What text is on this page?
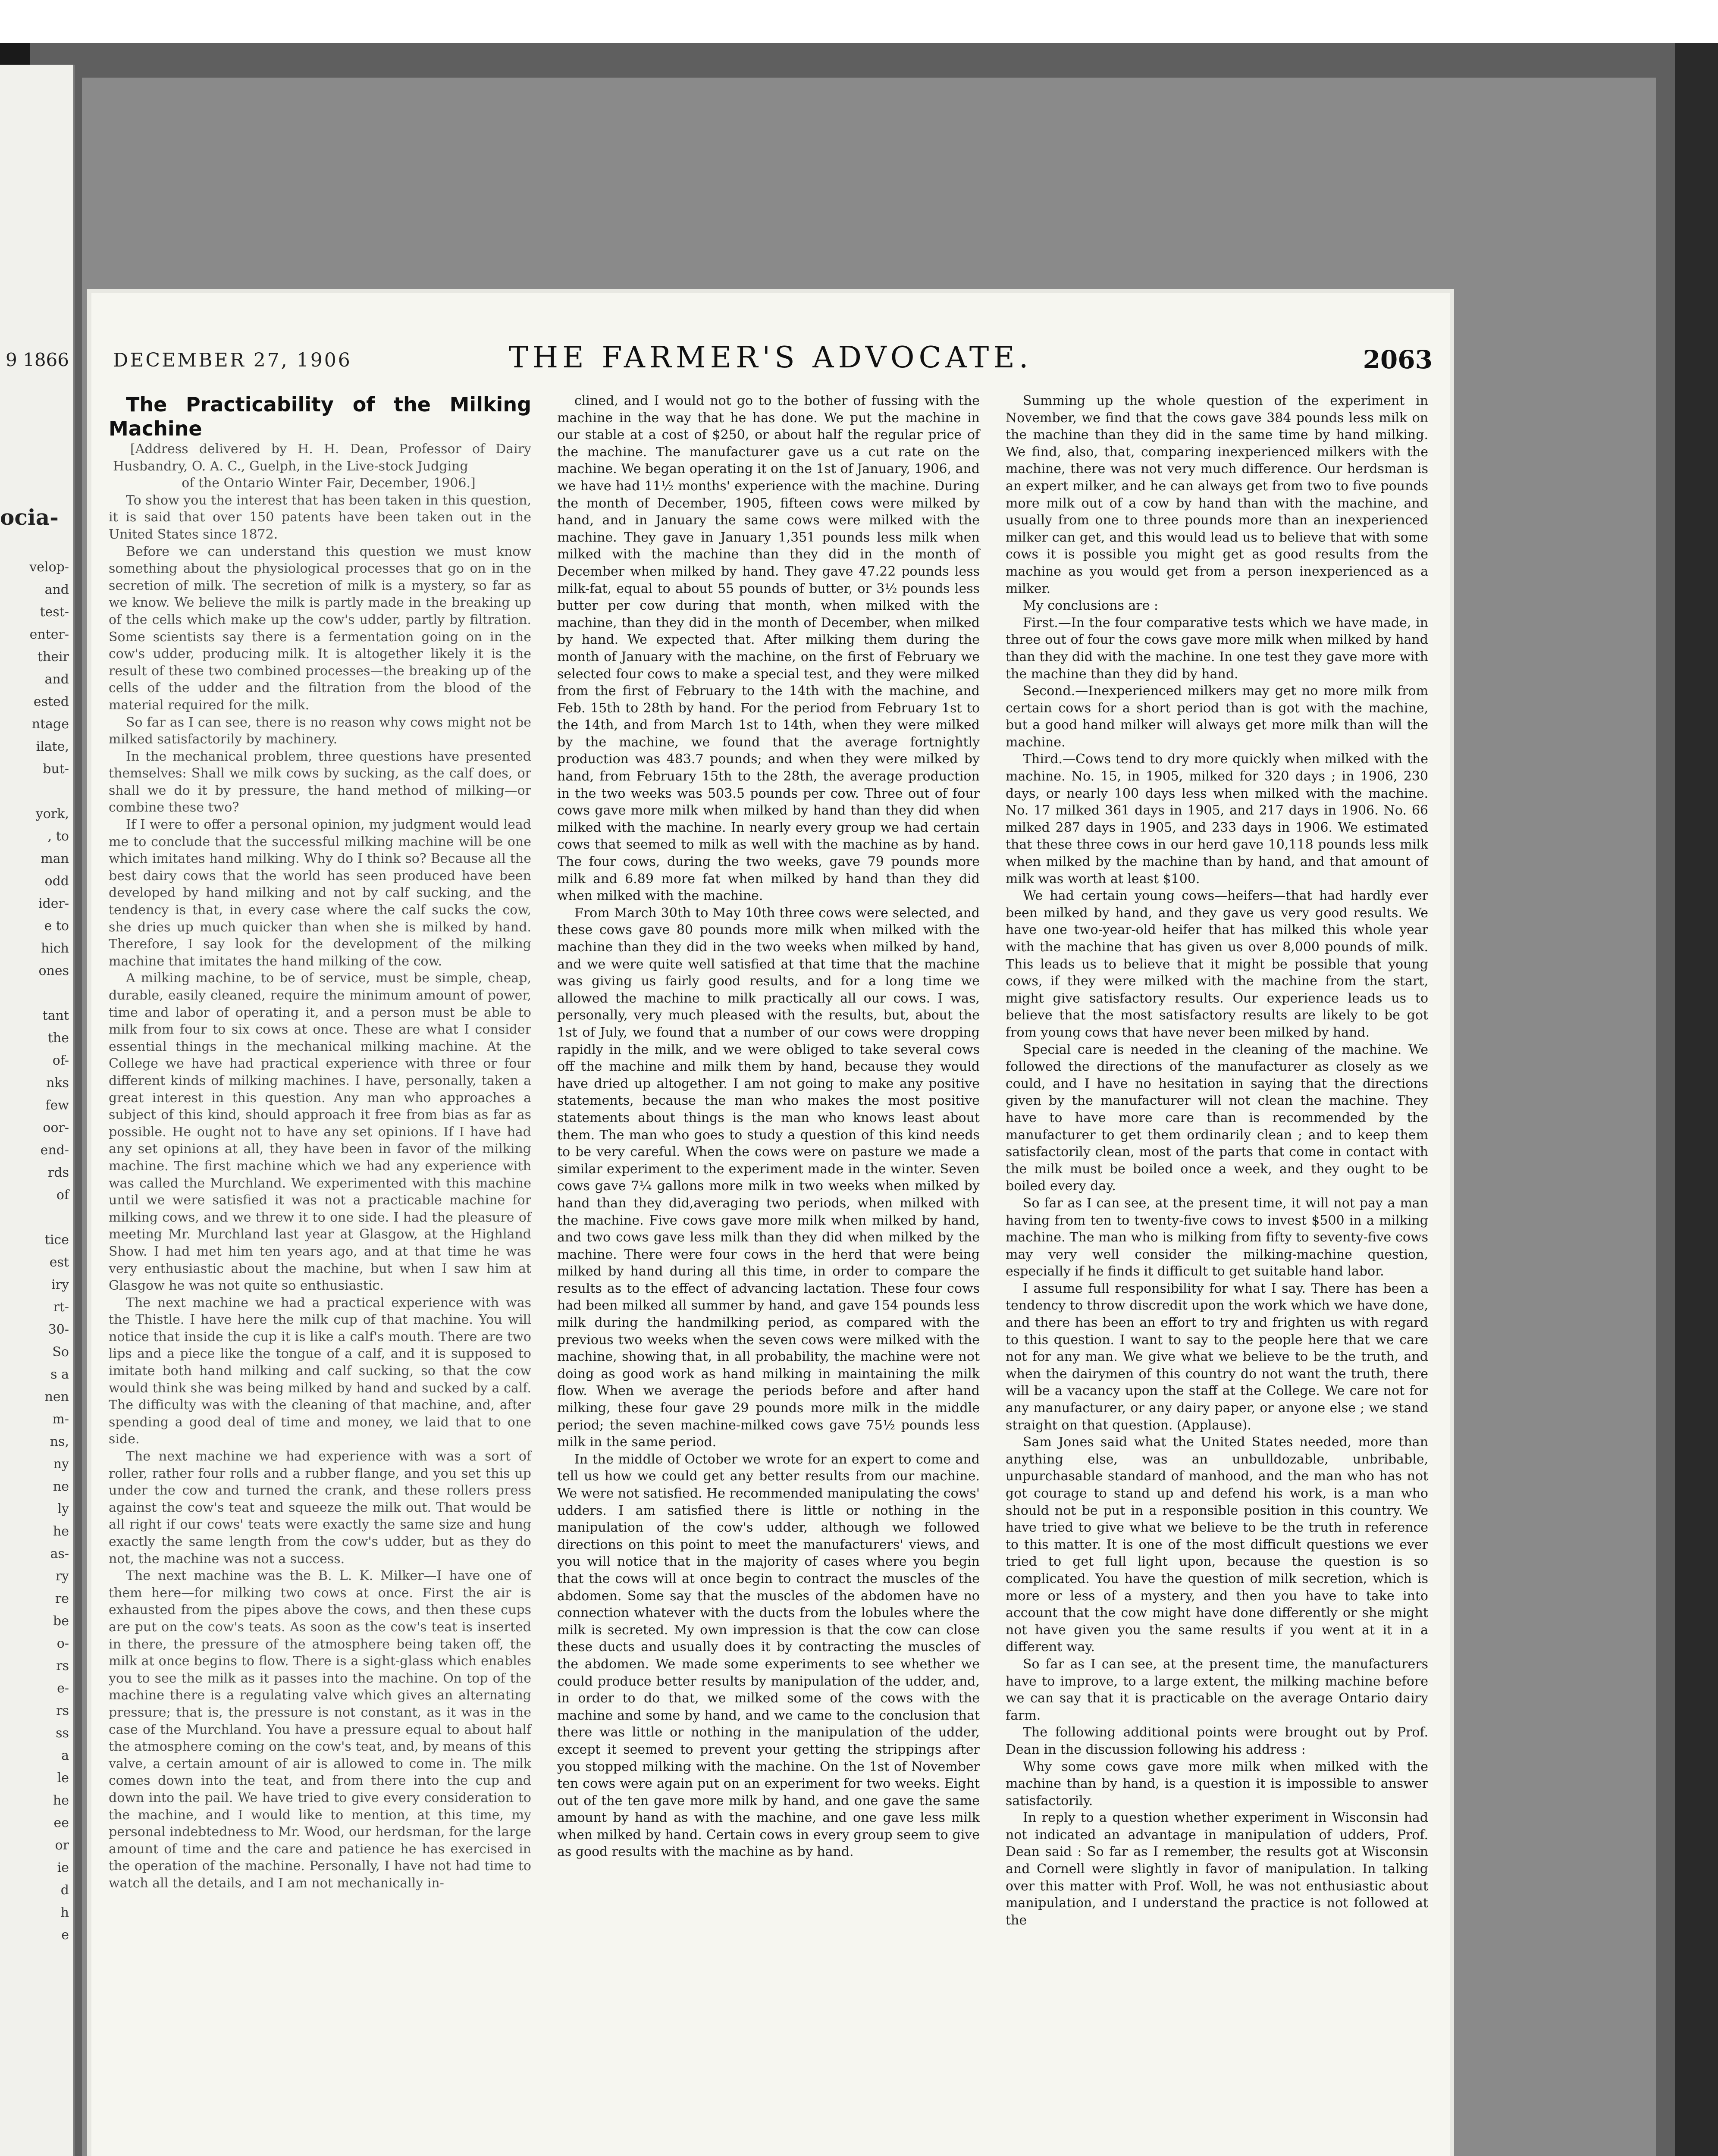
9 1866
ocia-
velop-
and
test-
enter-
their
and
ested
ntage
ilate,
but-
york,
, to
man
odd
ider-
e to
hich
ones
tant
the
of-
nks
few
oor-
end-
rds
of
tice
est
iry
rt-
30-
So
s a
nen
m-
ns,
ny
ne
ly
he
as-
ry
re
be
o-
rs
e-
rs
ss
a
le
he
ee
or
ie
d
h
e
DECEMBER 27, 1906	THE FARMER'S ADVOCATE.	2063

The Practicability of the Milking Machine

[Address delivered by H. H. Dean, Professor of Dairy Husbandry, O. A. C., Guelph, in the Live-stock Judging

of the Ontario Winter Fair, December, 1906.]

To show you the interest that has been taken in this question, it is said that over 150 patents have been taken out in the United States since 1872.

Before we can understand this question we must know something about the physiological processes that go on in the secretion of milk. The secretion of milk is a mystery, so far as we know. We believe the milk is partly made in the breaking up of the cells which make up the cow's udder, partly by filtration. Some scientists say there is a fermentation going on in the cow's udder, producing milk. It is altogether likely it is the result of these two combined processes—the breaking up of the cells of the udder and the filtration from the blood of the material required for the milk.

So far as I can see, there is no reason why cows might not be milked satisfactorily by machinery.

In the mechanical problem, three questions have presented themselves: Shall we milk cows by sucking, as the calf does, or shall we do it by pressure, the hand method of milking—or combine these two?

If I were to offer a personal opinion, my judgment would lead me to conclude that the successful milking machine will be one which imitates hand milking. Why do I think so? Because all the best dairy cows that the world has seen produced have been developed by hand milking and not by calf sucking, and the tendency is that, in every case where the calf sucks the cow, she dries up much quicker than when she is milked by hand. Therefore, I say look for the development of the milking machine that imitates the hand milking of the cow.

A milking machine, to be of service, must be simple, cheap, durable, easily cleaned, require the minimum amount of power, time and labor of operating it, and a person must be able to milk from four to six cows at once. These are what I consider essential things in the mechanical milking machine. At the College we have had practical experience with three or four different kinds of milking machines. I have, personally, taken a great interest in this question. Any man who approaches a subject of this kind, should approach it free from bias as far as possible. He ought not to have any set opinions. If I have had any set opinions at all, they have been in favor of the milking machine. The first machine which we had any experience with was called the Murchland. We experimented with this machine until we were satisfied it was not a practicable machine for milking cows, and we threw it to one side. I had the pleasure of meeting Mr. Murchland last year at Glasgow, at the Highland Show. I had met him ten years ago, and at that time he was very enthusiastic about the machine, but when I saw him at Glasgow he was not quite so enthusiastic.

The next machine we had a practical experience with was the Thistle. I have here the milk cup of that machine. You will notice that inside the cup it is like a calf's mouth. There are two lips and a piece like the tongue of a calf, and it is supposed to imitate both hand milking and calf sucking, so that the cow would think she was being milked by hand and sucked by a calf. The difficulty was with the cleaning of that machine, and, after spending a good deal of time and money, we laid that to one side.

The next machine we had experience with was a sort of roller, rather four rolls and a rubber flange, and you set this up under the cow and turned the crank, and these rollers press against the cow's teat and squeeze the milk out. That would be all right if our cows' teats were exactly the same size and hung exactly the same length from the cow's udder, but as they do not, the machine was not a success.

The next machine was the B. L. K. Milker—I have one of them here—for milking two cows at once. First the air is exhausted from the pipes above the cows, and then these cups are put on the cow's teats. As soon as the cow's teat is inserted in there, the pressure of the atmosphere being taken off, the milk at once begins to flow. There is a sight-glass which enables you to see the milk as it passes into the machine. On top of the machine there is a regulating valve which gives an alternating pressure; that is, the pressure is not constant, as it was in the case of the Murchland. You have a pressure equal to about half the atmosphere coming on the cow's teat, and, by means of this valve, a certain amount of air is allowed to come in. The milk comes down into the teat, and from there into the cup and down into the pail. We have tried to give every consideration to the machine, and I would like to mention, at this time, my personal indebtedness to Mr. Wood, our herdsman, for the large amount of time and the care and patience he has exercised in the operation of the machine. Personally, I have not had time to watch all the details, and I am not mechanically in-

clined, and I would not go to the bother of fussing with the machine in the way that he has done. We put the machine in our stable at a cost of $250, or about half the regular price of the machine. The manufacturer gave us a cut rate on the machine. We began operating it on the 1st of January, 1906, and we have had 11½ months' experience with the machine. During the month of December, 1905, fifteen cows were milked by hand, and in January the same cows were milked with the machine. They gave in January 1,351 pounds less milk when milked with the machine than they did in the month of December when milked by hand. They gave 47.22 pounds less milk-fat, equal to about 55 pounds of butter, or 3½ pounds less butter per cow during that month, when milked with the machine, than they did in the month of December, when milked by hand. We expected that. After milking them during the month of January with the machine, on the first of February we selected four cows to make a special test, and they were milked from the first of February to the 14th with the machine, and Feb. 15th to 28th by hand. For the period from February 1st to the 14th, and from March 1st to 14th, when they were milked by the machine, we found that the average fortnightly production was 483.7 pounds; and when they were milked by hand, from February 15th to the 28th, the average production in the two weeks was 503.5 pounds per cow. Three out of four cows gave more milk when milked by hand than they did when milked with the machine. In nearly every group we had certain cows that seemed to milk as well with the machine as by hand. The four cows, during the two weeks, gave 79 pounds more milk and 6.89 more fat when milked by hand than they did when milked with the machine.

From March 30th to May 10th three cows were selected, and these cows gave 80 pounds more milk when milked with the machine than they did in the two weeks when milked by hand, and we were quite well satisfied at that time that the machine was giving us fairly good results, and for a long time we allowed the machine to milk practically all our cows. I was, personally, very much pleased with the results, but, about the 1st of July, we found that a number of our cows were dropping rapidly in the milk, and we were obliged to take several cows off the machine and milk them by hand, because they would have dried up altogether. I am not going to make any positive statements, because the man who makes the most positive statements about things is the man who knows least about them. The man who goes to study a question of this kind needs to be very careful. When the cows were on pasture we made a similar experiment to the experiment made in the winter. Seven cows gave 7¼ gallons more milk in two weeks when milked by hand than they did,averaging two periods, when milked with the machine. Five cows gave more milk when milked by hand, and two cows gave less milk than they did when milked by the machine. There were four cows in the herd that were being milked by hand during all this time, in order to compare the results as to the effect of advancing lactation. These four cows had been milked all summer by hand, and gave 154 pounds less milk during the handmilking period, as compared with the previous two weeks when the seven cows were milked with the machine, showing that, in all probability, the machine were not doing as good work as hand milking in maintaining the milk flow. When we average the periods before and after hand milking, these four gave 29 pounds more milk in the middle period; the seven machine-milked cows gave 75½ pounds less milk in the same period.

In the middle of October we wrote for an expert to come and tell us how we could get any better results from our machine. We were not satisfied. He recommended manipulating the cows' udders. I am satisfied there is little or nothing in the manipulation of the cow's udder, although we followed directions on this point to meet the manufacturers' views, and you will notice that in the majority of cases where you begin that the cows will at once begin to contract the muscles of the abdomen. Some say that the muscles of the abdomen have no connection whatever with the ducts from the lobules where the milk is secreted. My own impression is that the cow can close these ducts and usually does it by contracting the muscles of the abdomen. We made some experiments to see whether we could produce better results by manipulation of the udder, and, in order to do that, we milked some of the cows with the machine and some by hand, and we came to the conclusion that there was little or nothing in the manipulation of the udder, except it seemed to prevent your getting the strippings after you stopped milking with the machine. On the 1st of November ten cows were again put on an experiment for two weeks. Eight out of the ten gave more milk by hand, and one gave the same amount by hand as with the machine, and one gave less milk when milked by hand. Certain cows in every group seem to give as good results with the machine as by hand.

Summing up the whole question of the experiment in November, we find that the cows gave 384 pounds less milk on the machine than they did in the same time by hand milking. We find, also, that, comparing inexperienced milkers with the machine, there was not very much difference. Our herdsman is an expert milker, and he can always get from two to five pounds more milk out of a cow by hand than with the machine, and usually from one to three pounds more than an inexperienced milker can get, and this would lead us to believe that with some cows it is possible you might get as good results from the machine as you would get from a person inexperienced as a milker.

My conclusions are :

First.—In the four comparative tests which we have made, in three out of four the cows gave more milk when milked by hand than they did with the machine. In one test they gave more with the machine than they did by hand.

Second.—Inexperienced milkers may get no more milk from certain cows for a short period than is got with the machine, but a good hand milker will always get more milk than will the machine.

Third.—Cows tend to dry more quickly when milked with the machine. No. 15, in 1905, milked for 320 days ; in 1906, 230 days, or nearly 100 days less when milked with the machine. No. 17 milked 361 days in 1905, and 217 days in 1906. No. 66 milked 287 days in 1905, and 233 days in 1906. We estimated that these three cows in our herd gave 10,118 pounds less milk when milked by the machine than by hand, and that amount of milk was worth at least $100.

We had certain young cows—heifers—that had hardly ever been milked by hand, and they gave us very good results. We have one two-year-old heifer that has milked this whole year with the machine that has given us over 8,000 pounds of milk. This leads us to believe that it might be possible that young cows, if they were milked with the machine from the start, might give satisfactory results. Our experience leads us to believe that the most satisfactory results are likely to be got from young cows that have never been milked by hand.

Special care is needed in the cleaning of the machine. We followed the directions of the manufacturer as closely as we could, and I have no hesitation in saying that the directions given by the manufacturer will not clean the machine. They have to have more care than is recommended by the manufacturer to get them ordinarily clean ; and to keep them satisfactorily clean, most of the parts that come in contact with the milk must be boiled once a week, and they ought to be boiled every day.

So far as I can see, at the present time, it will not pay a man having from ten to twenty-five cows to invest $500 in a milking machine. The man who is milking from fifty to seventy-five cows may very well consider the milking-machine question, especially if he finds it difficult to get suitable hand labor.

I assume full responsibility for what I say. There has been a tendency to throw discredit upon the work which we have done, and there has been an effort to try and frighten us with regard to this question. I want to say to the people here that we care not for any man. We give what we believe to be the truth, and when the dairymen of this country do not want the truth, there will be a vacancy upon the staff at the College. We care not for any manufacturer, or any dairy paper, or anyone else ; we stand straight on that question. (Applause).

Sam Jones said what the United States needed, more than anything else, was an unbulldozable, unbribable, unpurchasable standard of manhood, and the man who has not got courage to stand up and defend his work, is a man who should not be put in a responsible position in this country. We have tried to give what we believe to be the truth in reference to this matter. It is one of the most difficult questions we ever tried to get full light upon, because the question is so complicated. You have the question of milk secretion, which is more or less of a mystery, and then you have to take into account that the cow might have done differently or she might not have given you the same results if you went at it in a different way.

So far as I can see, at the present time, the manufacturers have to improve, to a large extent, the milking machine before we can say that it is practicable on the average Ontario dairy farm.

The following additional points were brought out by Prof. Dean in the discussion following his address :

Why some cows gave more milk when milked with the machine than by hand, is a question it is impossible to answer satisfactorily.

In reply to a question whether experiment in Wisconsin had not indicated an advantage in manipulation of udders, Prof. Dean said : So far as I remember, the results got at Wisconsin and Cornell were slightly in favor of manipulation. In talking over this matter with Prof. Woll, he was not enthusiastic about manipulation, and I understand the practice is not followed at the
